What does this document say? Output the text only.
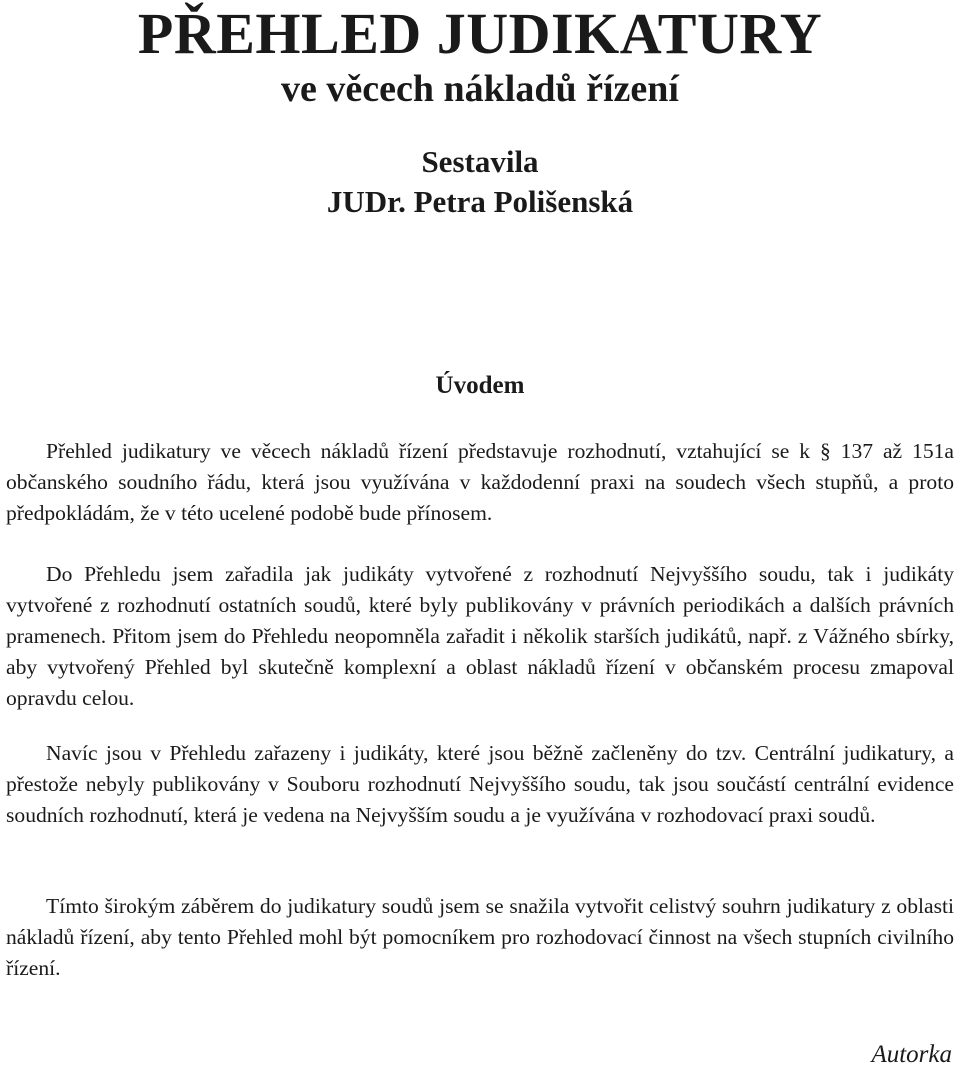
PŘEHLED JUDIKATURY
ve věcech nákladů řízení
Sestavila
JUDr. Petra Polišenská
Úvodem

Přehled judikatury ve věcech nákladů řízení představuje rozhodnutí, vztahující se k § 137 až 151a občanského soudního řádu, která jsou využívána v každodenní praxi na soudech všech stupňů, a proto předpokládám, že v této ucelené podobě bude přínosem.

Do Přehledu jsem zařadila jak judikáty vytvořené z rozhodnutí Nejvyššího soudu, tak i judikáty vytvořené z rozhodnutí ostatních soudů, které byly publikovány v právních periodikách a dalších právních pramenech. Přitom jsem do Přehledu neopomněla zařadit i několik starších judikátů, např. z Vážného sbírky, aby vytvořený Přehled byl skutečně komplexní a oblast nákladů řízení v občanském procesu zmapoval opravdu celou.

Navíc jsou v Přehledu zařazeny i judikáty, které jsou běžně začleněny do tzv. Centrální judikatury, a přestože nebyly publikovány v Souboru rozhodnutí Nejvyššího soudu, tak jsou součástí centrální evidence soudních rozhodnutí, která je vedena na Nejvyšším soudu a je využívána v rozhodovací praxi soudů.

Tímto širokým záběrem do judikatury soudů jsem se snažila vytvořit celistvý souhrn judikatury z oblasti nákladů řízení, aby tento Přehled mohl být pomocníkem pro rozhodovací činnost na všech stupních civilního řízení.

Autorka
